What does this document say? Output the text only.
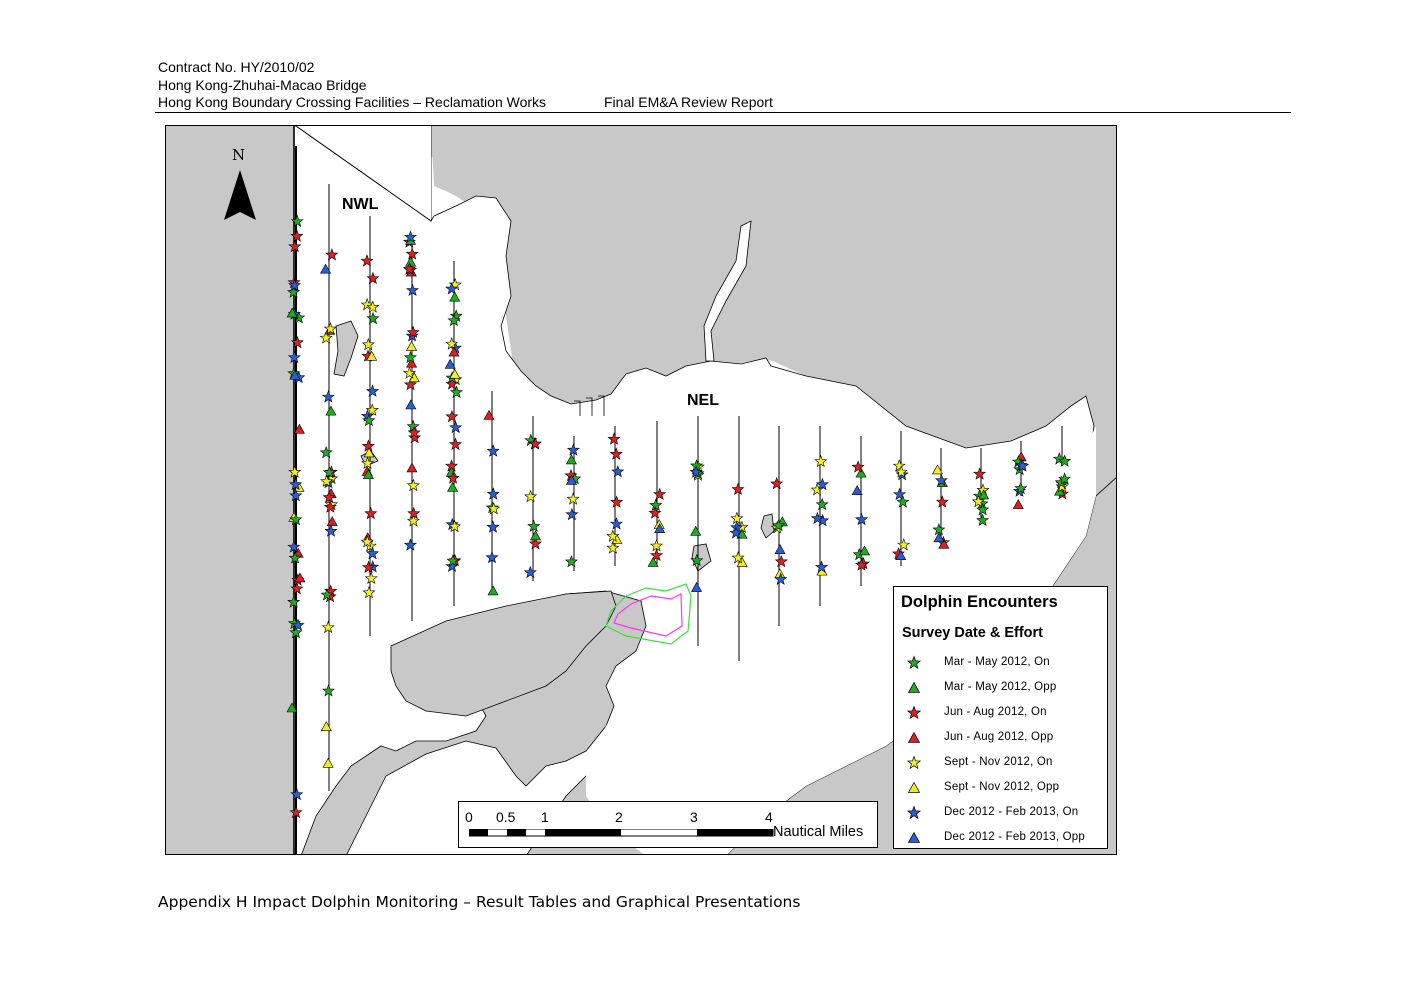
Contract No. HY/2010/02
Hong Kong-Zhuhai-Macao Bridge
Hong Kong Boundary Crossing Facilities – Reclamation Works	Final EM&A Review Report
NWL
NEL
N
Dolphin Encounters
Survey Date & Effort
Mar - May 2012, On
Mar - May 2012, Opp
Jun - Aug 2012, On
Jun - Aug 2012, Opp
Sept - Nov 2012, On
Sept - Nov 2012, Opp
Dec 2012 - Feb 2013, On
Dec 2012 - Feb 2013, Opp
0 0.5 1	2	3	4
Nautical Miles
Appendix H Impact Dolphin Monitoring – Result Tables and Graphical Presentations
